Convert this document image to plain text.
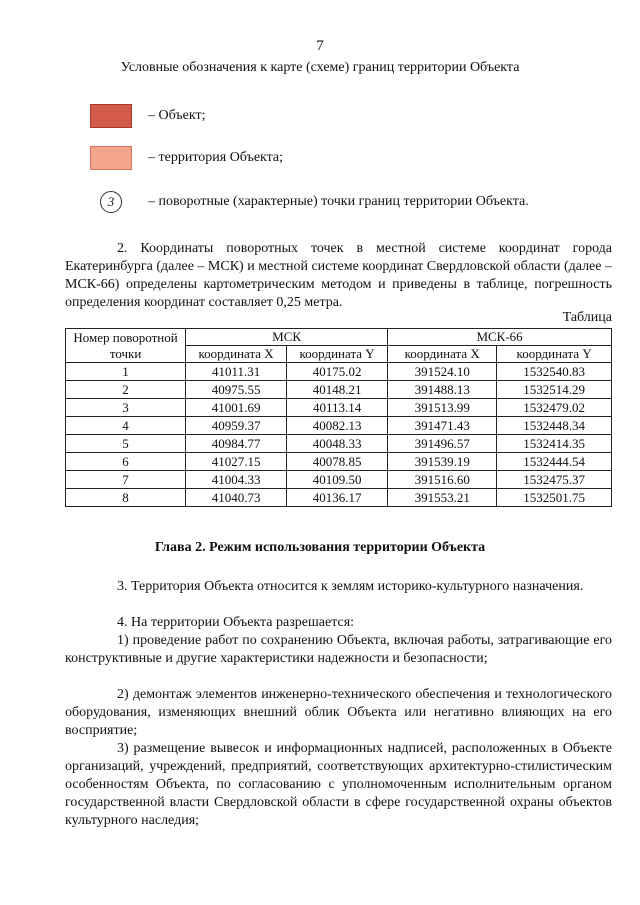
7
Условные обозначения к карте (схеме) границ территории Объекта
– Объект;
– территория Объекта;
3	– поворотные (характерные) точки границ территории Объекта.

2. Координаты поворотных точек в местной системе координат города Екатеринбурга (далее – МСК) и местной системе координат Свердловской области (далее – МСК-66) определены картометрическим методом и приведены в таблице, погрешность определения координат составляет 0,25 метра.

Таблица
Номер поворотной точки	МСК		МСК-66	
	координата X	координата Y	координата X	координата Y
1	41011.31	40175.02	391524.10	1532540.83
2	40975.55	40148.21	391488.13	1532514.29
3	41001.69	40113.14	391513.99	1532479.02
4	40959.37	40082.13	391471.43	1532448.34
5	40984.77	40048.33	391496.57	1532414.35
6	41027.15	40078.85	391539.19	1532444.54
7	41004.33	40109.50	391516.60	1532475.37
8	41040.73	40136.17	391553.21	1532501.75
Глава 2. Режим использования территории Объекта

3. Территория Объекта относится к землям историко-культурного назначения.

4. На территории Объекта разрешается:

1) проведение работ по сохранению Объекта, включая работы, затрагивающие его конструктивные и другие характеристики надежности и безопасности;

2) демонтаж элементов инженерно-технического обеспечения и технологического оборудования, изменяющих внешний облик Объекта или негативно влияющих на его восприятие;

3) размещение вывесок и информационных надписей, расположенных в Объекте организаций, учреждений, предприятий, соответствующих архитектурно-стилистическим особенностям Объекта, по согласованию с уполномоченным исполнительным органом государственной власти Свердловской области в сфере государственной охраны объектов культурного наследия;
